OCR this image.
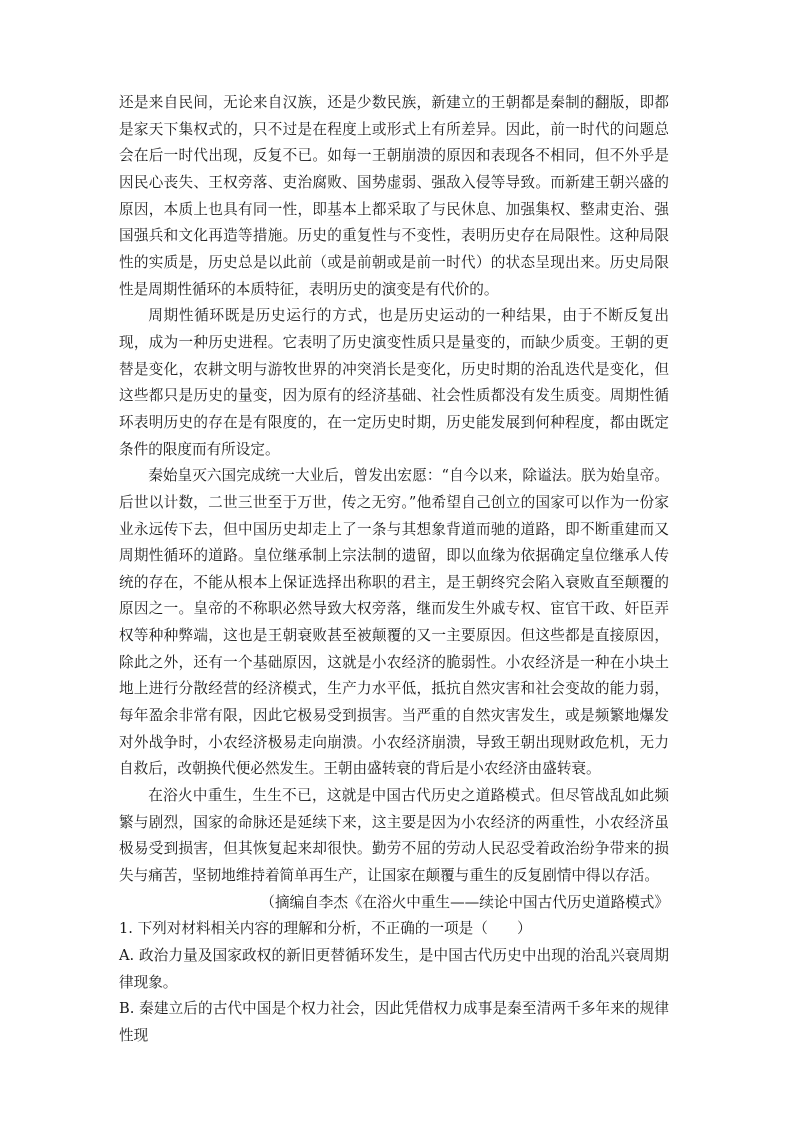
还是来自民间，无论来自汉族，还是少数民族，新建立的王朝都是秦制的翻版，即都是家天下集权式的，只不过是在程度上或形式上有所差异。因此，前一时代的问题总会在后一时代出现，反复不已。如每一王朝崩溃的原因和表现各不相同，但不外乎是因民心丧失、王权旁落、吏治腐败、国势虚弱、强敌入侵等导致。而新建王朝兴盛的原因，本质上也具有同一性，即基本上都采取了与民休息、加强集权、整肃吏治、强国强兵和文化再造等措施。历史的重复性与不变性，表明历史存在局限性。这种局限性的实质是，历史总是以此前（或是前朝或是前一时代）的状态呈现出来。历史局限性是周期性循环的本质特征，表明历史的演变是有代价的。

周期性循环既是历史运行的方式，也是历史运动的一种结果，由于不断反复出现，成为一种历史进程。它表明了历史演变性质只是量变的，而缺少质变。王朝的更替是变化，农耕文明与游牧世界的冲突消长是变化，历史时期的治乱迭代是变化，但这些都只是历史的量变，因为原有的经济基础、社会性质都没有发生质变。周期性循环表明历史的存在是有限度的，在一定历史时期，历史能发展到何种程度，都由既定条件的限度而有所设定。

秦始皇灭六国完成统一大业后，曾发出宏愿：“自今以来，除谥法。朕为始皇帝。后世以计数，二世三世至于万世，传之无穷。”他希望自己创立的国家可以作为一份家业永远传下去，但中国历史却走上了一条与其想象背道而驰的道路，即不断重建而又周期性循环的道路。皇位继承制上宗法制的遗留，即以血缘为依据确定皇位继承人传统的存在，不能从根本上保证选择出称职的君主，是王朝终究会陷入衰败直至颠覆的原因之一。皇帝的不称职必然导致大权旁落，继而发生外戚专权、宦官干政、奸臣弄权等种种弊端，这也是王朝衰败甚至被颠覆的又一主要原因。但这些都是直接原因，除此之外，还有一个基础原因，这就是小农经济的脆弱性。小农经济是一种在小块土地上进行分散经营的经济模式，生产力水平低，抵抗自然灾害和社会变故的能力弱，每年盈余非常有限，因此它极易受到损害。当严重的自然灾害发生，或是频繁地爆发对外战争时，小农经济极易走向崩溃。小农经济崩溃，导致王朝出现财政危机，无力自救后，改朝换代便必然发生。王朝由盛转衰的背后是小农经济由盛转衰。

在浴火中重生，生生不已，这就是中国古代历史之道路模式。但尽管战乱如此频繁与剧烈，国家的命脉还是延续下来，这主要是因为小农经济的两重性，小农经济虽极易受到损害，但其恢复起来却很快。勤劳不屈的劳动人民忍受着政治纷争带来的损失与痛苦，坚韧地维持着简单再生产，让国家在颠覆与重生的反复剧情中得以存活。

（摘编自李杰《在浴火中重生——续论中国古代历史道路模式》

1. 下列对材料相关内容的理解和分析，不正确的一项是（　　）

A. 政治力量及国家政权的新旧更替循环发生，是中国古代历史中出现的治乱兴衰周期律现象。

B. 秦建立后的古代中国是个权力社会，因此凭借权力成事是秦至清两千多年来的规律性现
